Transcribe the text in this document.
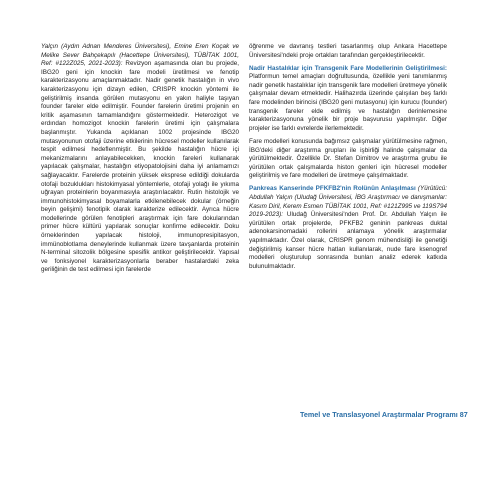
Yalçın (Aydın Adnan Menderes Üniversitesi), Emine Eren Koçak ve Melike Sever Bahçekapılı (Hacettepe Üniversitesi), TÜBİTAK 1001, Ref: #122Z025, 2021-2023): Revizyon aşamasında olan bu projede, IBG20 geni için knockin fare modeli üretilmesi ve fenotip karakterizasyonu amaçlanmaktadır. Nadir genetik hastalığın in vivo karakterizasyonu için dizayn edilen, CRISPR knockin yöntemi ile geliştirilmiş insanda görülen mutasyonu en yakın haliyle taşıyan founder fareler elde edilmiştir. Founder farelerin üretimi projenin en kritik aşamasının tamamlandığını göstermektedir. Heterozigot ve erdından homozigot knockin farelerin üretimi için çalışmalara başlanmıştır. Yukarıda açıklanan 1002 projesinde IBG20 mutasyonunun otofaji üzerine etkilerinin hücresel modeller kullanılarak tespit edilmesi hedeflenmiştir. Bu şekilde hastalığın hücre içi mekanizmalarını anlayabilecekken, knockin fareleri kullanarak yapılacak çalışmalar, hastalığın etiyopatolojisini daha iyi anlamamızı sağlayacaktır. Farelerde proteinin yüksek eksprese edildiği dokularda otofaji bozuklukları histokimyasal yöntemlerle, otofaji yolağı ile yıkıma uğrayan proteinlerin boyanmasıyla araştırılacaktır. Rutin histolojik ve immunohistokimyasal boyamalarla etkilenebilecek dokular (örneğin beyin gelişimi) fenotipik olarak karakterize edilecektir. Ayrıca hücre modellerinde görülen fenotipleri araştırmak için fare dokularından primer hücre kültürü yapılarak sonuçlar konfirme edilecektir. Doku örneklerinden yapılacak histoloji, immunopresipitasyon, immünoblotlama deneylerinde kullanmak üzere tavşanlarda proteinin N-terminal sitozolik bölgesine spesifik antikor geliştirilecektir. Yapısal ve fonksiyonel karakterizasyonlarla beraber hastalardaki zeka geriliğinin de test edilmesi için farelerde

öğrenme ve davranış testleri tasarlanmış olup Ankara Hacettepe Üniversitesi'ndeki proje ortakları tarafından gerçekleştirilecektir.

Nadir Hastalıklar için Transgenik Fare Modellerinin Geliştirilmesi: Platformun temel amaçları doğrultusunda, özellikle yeni tanımlanmış nadir genetik hastalıklar için transgenik fare modelleri üretmeye yönelik çalışmalar devam etmektedir. Halihazırda üzerinde çalışılan beş farklı fare modelinden birincisi (IBG20 geni mutasyonu) için kurucu (founder) transgenik fareler elde edilmiş ve hastalığın derinlemesine karakterizasyonuna yönelik bir proje başvurusu yapılmıştır. Diğer projeler ise farklı evrelerde ilerlemektedir.

Fare modelleri konusunda bağımsız çalışmalar yürütülmesine rağmen, İBG'deki diğer araştırma grupları ile işbirliği halinde çalışmalar da yürütülmektedir. Özellikle Dr. Stefan Dimitrov ve araştırma grubu ile yürütülen ortak çalışmalarda histon genleri için hücresel modeller geliştirilmiş ve fare modelleri de üretmeye çalışılmaktadır.

Pankreas Kanserinde PFKFB2'nin Rolünün Anlaşılması (Yürütücü: Abdullah Yalçın (Uludağ Üniversitesi, İBG Araştırmacı ve danışmanlar: Kasım Diril, Kerem Esmen TÜBİTAK 1001, Ref: #121Z995 ve 119S794 2019-2023): Uludağ Üniversitesi'nden Prof. Dr. Abdullah Yalçın ile yürütülen ortak projelerde, PFKFB2 geninin pankreas duktal adenokarsinomadaki rollerini anlamaya yönelik araştırmalar yapılmaktadır. Özel olarak, CRISPR genom mühendisliği ile genetiği değiştirilmiş kanser hücre hatları kullanılarak, nude fare ksenogref modelleri oluşturulup sonrasında bunları analiz ederek katkıda bulunulmaktadır.

Temel ve Translasyonel Araştırmalar Programı 87
